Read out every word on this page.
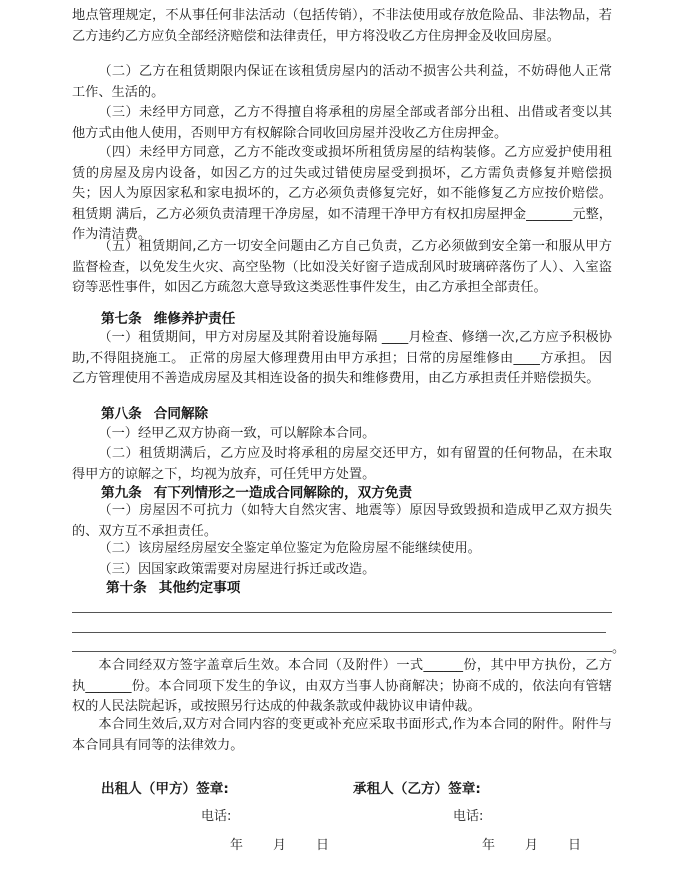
地点管理规定，不从事任何非法活动（包括传销），不非法使用或存放危险品、非法物品，若乙方违约乙方应负全部经济赔偿和法律责任，甲方将没收乙方住房押金及收回房屋。

（二）乙方在租赁期限内保证在该租赁房屋内的活动不损害公共利益，不妨碍他人正常工作、生活的。

（三）未经甲方同意，乙方不得擅自将承租的房屋全部或者部分出租、出借或者变以其他方式由他人使用，否则甲方有权解除合同收回房屋并没收乙方住房押金。

（四）未经甲方同意，乙方不能改变或损坏所租赁房屋的结构装修。乙方应爱护使用租赁的房屋及房内设备，如因乙方的过失或过错使房屋受到损坏，乙方需负责修复并赔偿损失；因人为原因家私和家电损坏的，乙方必须负责修复完好，如不能修复乙方应按价赔偿。租赁期 满后，乙方必须负责清理干净房屋，如不清理干净甲方有权扣房屋押金_______元整，作为清洁费。

（五）租赁期间,乙方一切安全问题由乙方自己负责，乙方必须做到安全第一和服从甲方监督检查，以免发生火灾、高空坠物（比如没关好窗子造成刮风时玻璃碎落伤了人）、入室盗窃等恶性事件，如因乙方疏忽大意导致这类恶性事件发生，由乙方承担全部责任。

第七条 维修养护责任

（一）租赁期间，甲方对房屋及其附着设施每隔 ____月检查、修缮一次,乙方应予积极协助,不得阻挠施工。 正常的房屋大修理费用由甲方承担；日常的房屋维修由____方承担。 因乙方管理使用不善造成房屋及其相连设备的损失和维修费用，由乙方承担责任并赔偿损失。

第八条 合同解除

（一）经甲乙双方协商一致，可以解除本合同。

（二）租赁期满后，乙方应及时将承租的房屋交还甲方，如有留置的任何物品，在未取得甲方的谅解之下，均视为放弃，可任凭甲方处置。

第九条 有下列情形之一造成合同解除的，双方免责

（一）房屋因不可抗力（如特大自然灾害、地震等）原因导致毁损和造成甲乙双方损失的、双方互不承担责任。

（二）该房屋经房屋安全鉴定单位鉴定为危险房屋不能继续使用。

（三）因国家政策需要对房屋进行拆迁或改造。

第十条 其他约定事项
。

本合同经双方签字盖章后生效。本合同（及附件）一式______份，其中甲方执份，乙方执_______份。本合同项下发生的争议，由双方当事人协商解决；协商不成的，依法向有管辖权的人民法院起诉，或按照另行达成的仲裁条款或仲裁协议申请仲裁。

本合同生效后,双方对合同内容的变更或补充应采取书面形式,作为本合同的附件。附件与本合同具有同等的法律效力。

出租人（甲方）签章:	承租人（乙方）签章:
电话:	电话:
年 月 日	年 月 日
